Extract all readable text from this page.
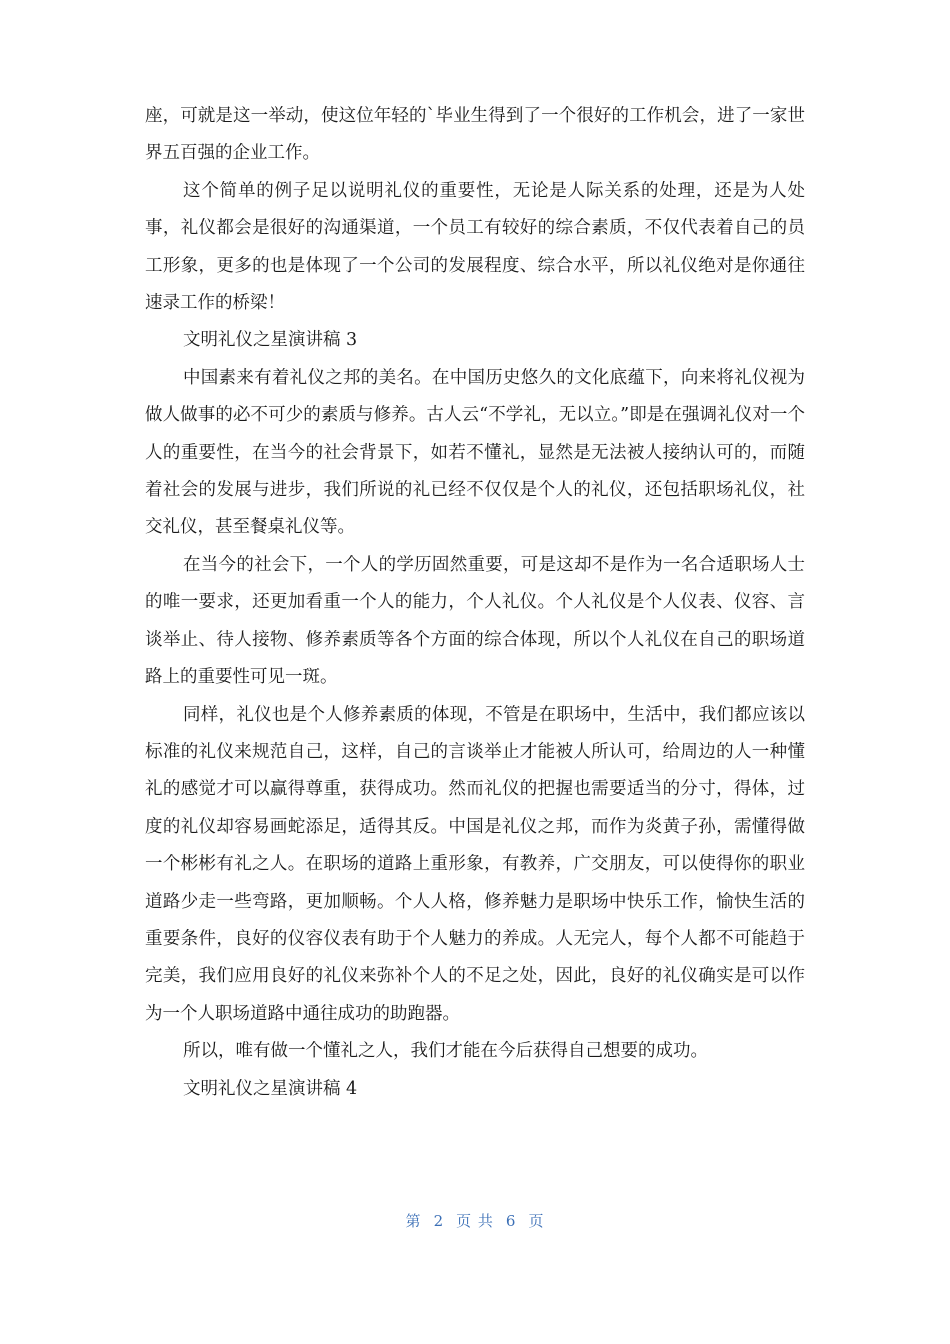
座，可就是这一举动，使这位年轻的`毕业生得到了一个很好的工作机会，进了一家世界五百强的企业工作。

这个简单的例子足以说明礼仪的重要性，无论是人际关系的处理，还是为人处事，礼仪都会是很好的沟通渠道，一个员工有较好的综合素质，不仅代表着自己的员工形象，更多的也是体现了一个公司的发展程度、综合水平，所以礼仪绝对是你通往速录工作的桥梁！

文明礼仪之星演讲稿 3

中国素来有着礼仪之邦的美名。在中国历史悠久的文化底蕴下，向来将礼仪视为做人做事的必不可少的素质与修养。古人云“不学礼，无以立。”即是在强调礼仪对一个人的重要性，在当今的社会背景下，如若不懂礼，显然是无法被人接纳认可的，而随着社会的发展与进步，我们所说的礼已经不仅仅是个人的礼仪，还包括职场礼仪，社交礼仪，甚至餐桌礼仪等。

在当今的社会下，一个人的学历固然重要，可是这却不是作为一名合适职场人士的唯一要求，还更加看重一个人的能力，个人礼仪。个人礼仪是个人仪表、仪容、言谈举止、待人接物、修养素质等各个方面的综合体现，所以个人礼仪在自己的职场道路上的重要性可见一斑。

同样，礼仪也是个人修养素质的体现，不管是在职场中，生活中，我们都应该以标准的礼仪来规范自己，这样，自己的言谈举止才能被人所认可，给周边的人一种懂礼的感觉才可以赢得尊重，获得成功。然而礼仪的把握也需要适当的分寸，得体，过度的礼仪却容易画蛇添足，适得其反。中国是礼仪之邦，而作为炎黄子孙，需懂得做一个彬彬有礼之人。在职场的道路上重形象，有教养，广交朋友，可以使得你的职业道路少走一些弯路，更加顺畅。个人人格，修养魅力是职场中快乐工作，愉快生活的重要条件，良好的仪容仪表有助于个人魅力的养成。人无完人，每个人都不可能趋于完美，我们应用良好的礼仪来弥补个人的不足之处，因此，良好的礼仪确实是可以作为一个人职场道路中通往成功的助跑器。

所以，唯有做一个懂礼之人，我们才能在今后获得自己想要的成功。

文明礼仪之星演讲稿 4

第 2 页 共 6 页
